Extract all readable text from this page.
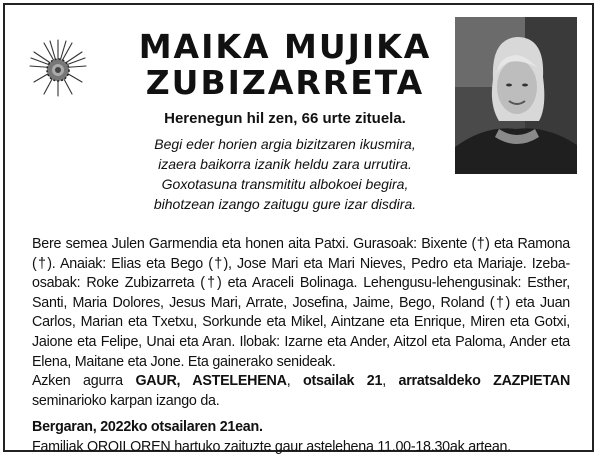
MAIKA MUJIKA
ZUBIZARRETA
Herenegun hil zen, 66 urte zituela.
Begi eder horien argia bizitzaren ikusmira,
izaera baikorra izanik heldu zara urrutira.
Goxotasuna transmititu albokoei begira,
bihotzean izango zaitugu gure izar disdira.

Bere semea Julen Garmendia eta honen aita Patxi. Gurasoak: Bixente (†) eta Ramona (†). Anaiak: Elias eta Bego (†), Jose Mari eta Mari Nieves, Pedro eta Mariaje. Izeba-osabak: Roke Zubizarreta (†) eta Araceli Bolinaga. Lehengusu-lehengusinak: Esther, Santi, Maria Dolores, Jesus Mari, Arrate, Josefina, Jaime, Bego, Roland (†) eta Juan Carlos, Marian eta Txetxu, Sorkunde eta Mikel, Aintzane eta Enrique, Miren eta Gotxi, Jaione eta Felipe, Unai eta Aran. Ilobak: Izarne eta Ander, Aitzol eta Paloma, Ander eta Elena, Maitane eta Jone. Eta gainerako senideak.

Azken agurra GAUR, ASTELEHENA, otsailak 21, arratsaldeko ZAZPIETAN seminarioko karpan izango da.

Bergaran, 2022ko otsailaren 21ean.

Familiak OROILOREN hartuko zaituzte gaur astelehena 11.00-18.30ak artean.
